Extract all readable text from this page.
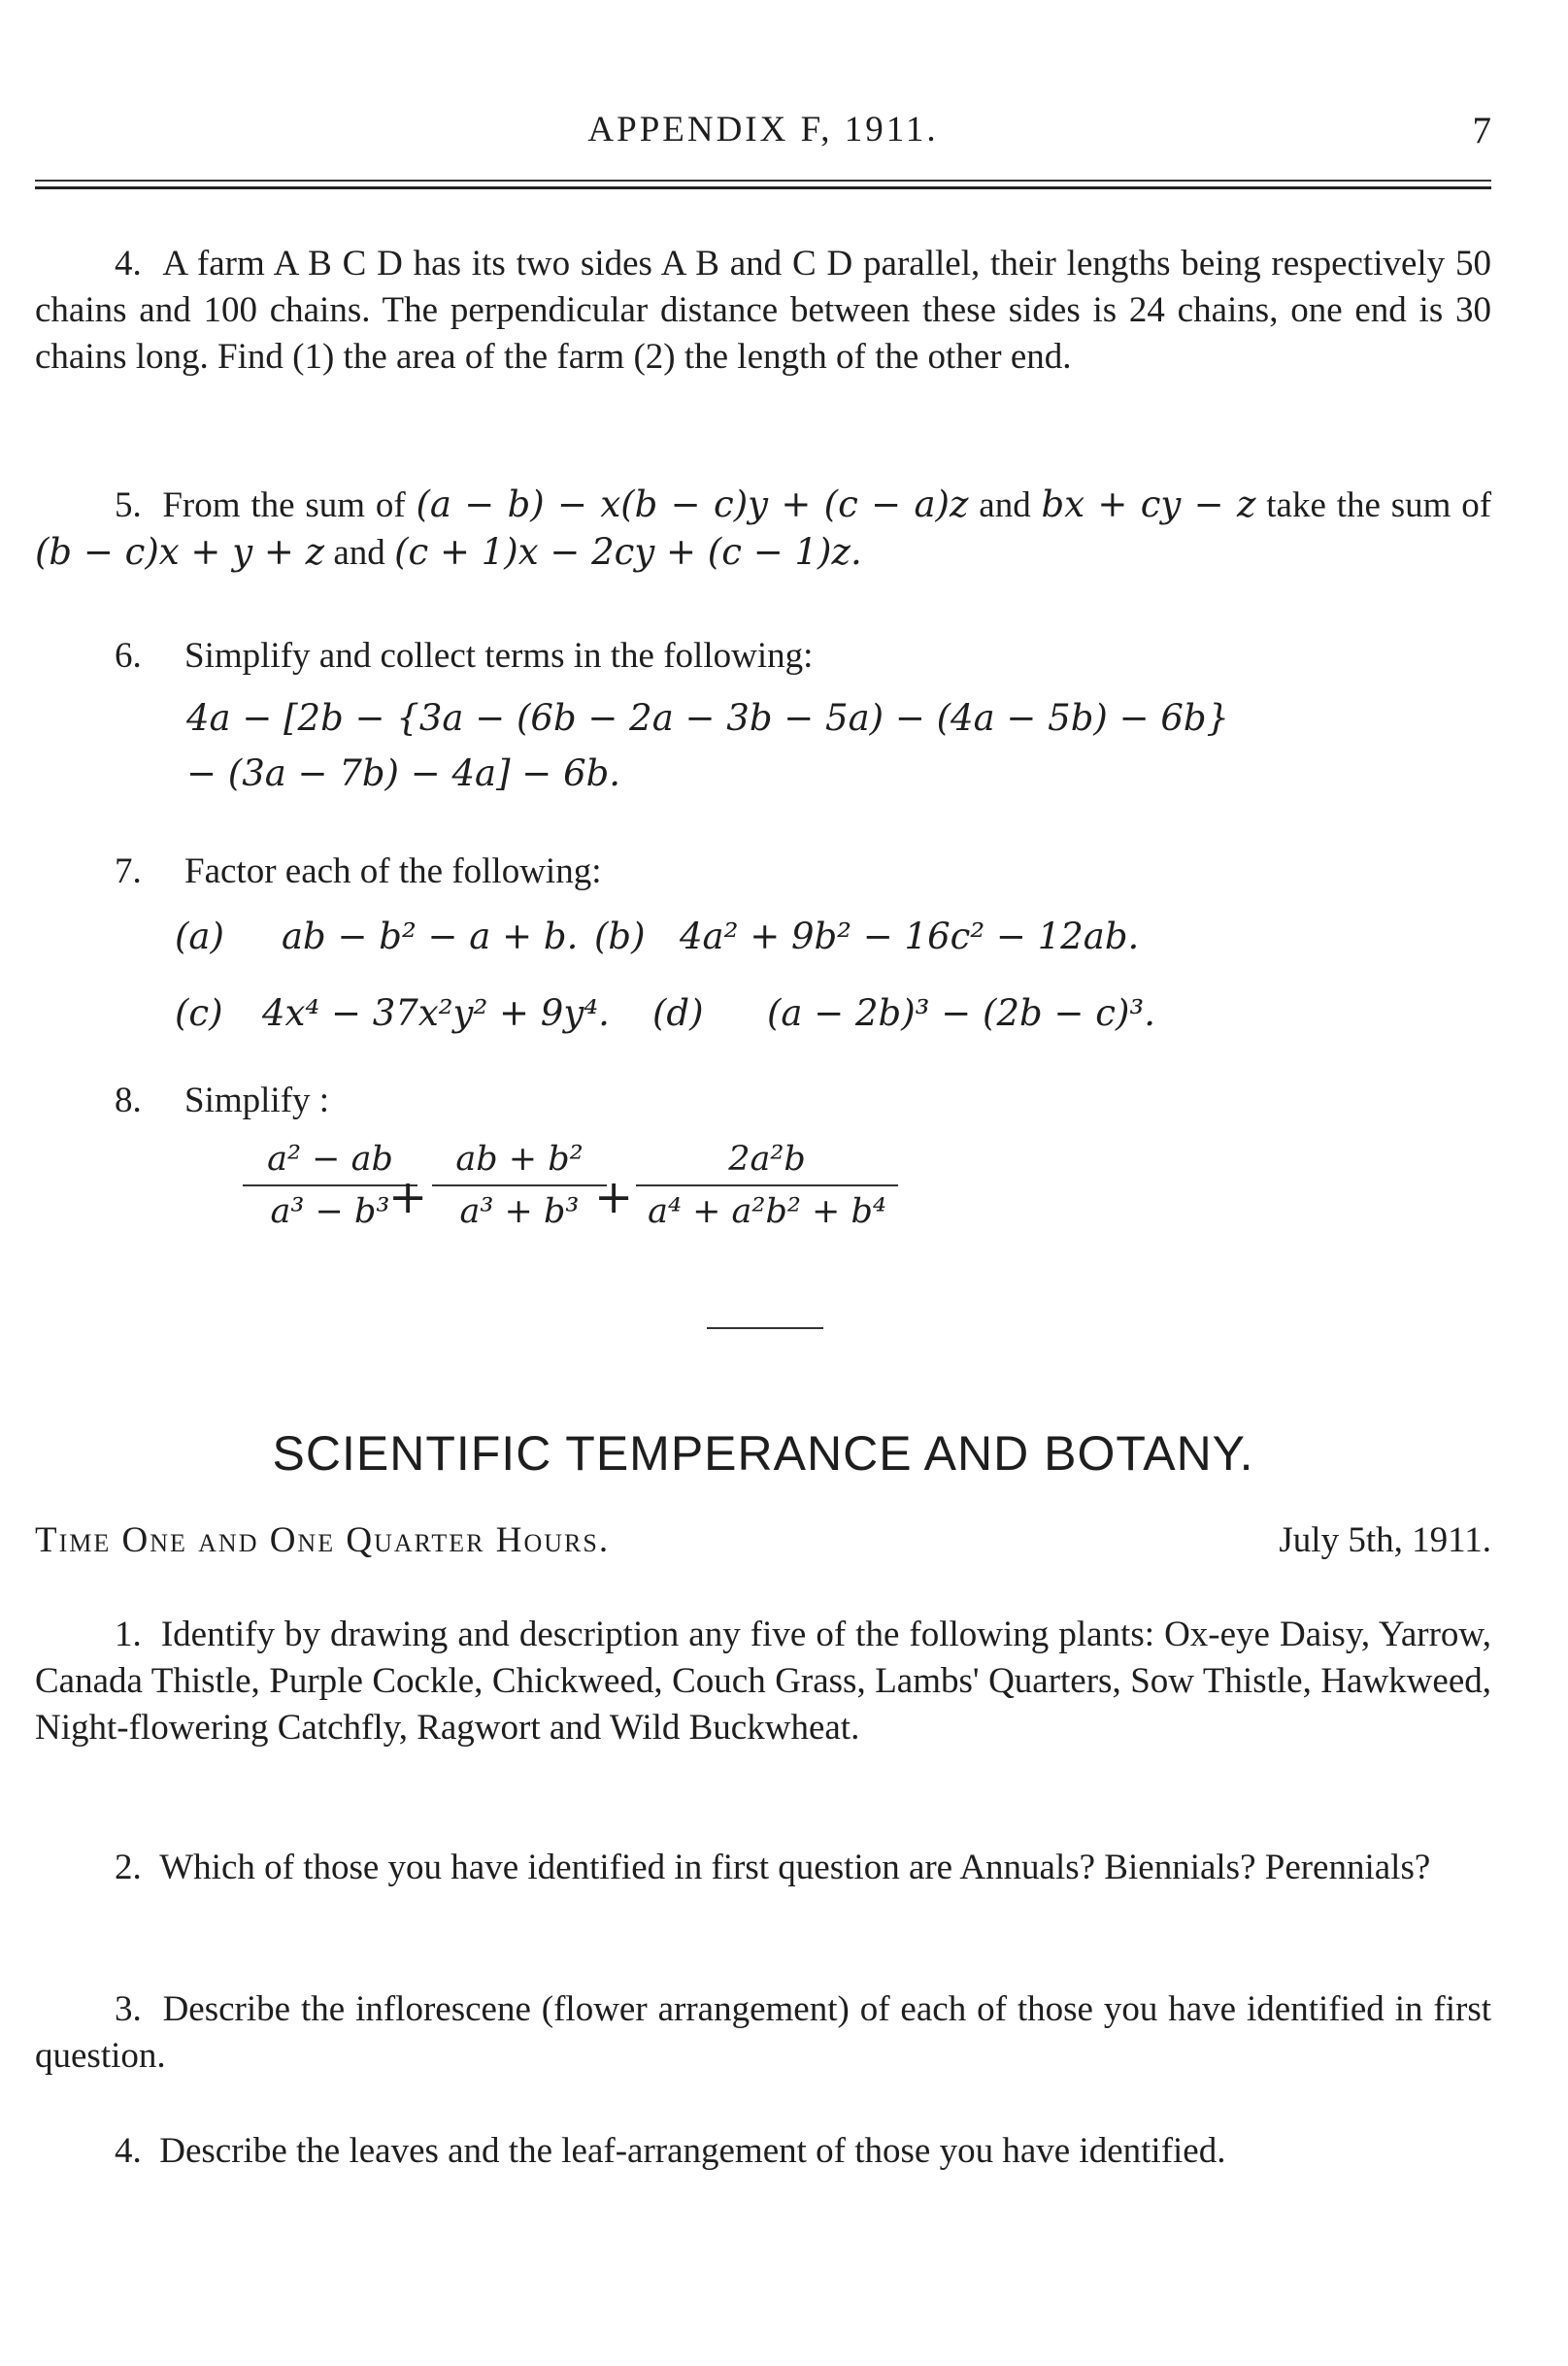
APPENDIX F, 1911.	7

4. A farm A B C D has its two sides A B and C D parallel, their lengths being respectively 50 chains and 100 chains. The perpendicular distance between these sides is 24 chains, one end is 30 chains long. Find (1) the area of the farm (2) the length of the other end.

5. From the sum of (a − b) − x(b − c)y + (c − a)z and bx + cy − z take the sum of (b − c)x + y + z and (c + 1)x − 2cy + (c − 1)z.

6. Simplify and collect terms in the following:
4a − [2b − {3a − (6b − 2a − 3b − 5a) − (4a − 5b) − 6b}
− (3a − 7b) − 4a] − 6b.
7. Factor each of the following:
(a) ab − b² − a + b. (b) 4a² + 9b² − 16c² − 12ab.
(c) 4x⁴ − 37x²y² + 9y⁴. (d) (a − 2b)³ − (2b − c)³.
8. Simplify :
a² − ab
a³ − b³
+
ab + b²
a³ + b³ +
2a²b
a⁴ + a²b² + b⁴
SCIENTIFIC TEMPERANCE AND BOTANY.
Time One and One Quarter Hours.	July 5th, 1911.

1. Identify by drawing and description any five of the following plants: Ox-eye Daisy, Yarrow, Canada Thistle, Purple Cockle, Chickweed, Couch Grass, Lambs' Quarters, Sow Thistle, Hawkweed, Night-flowering Catchfly, Ragwort and Wild Buckwheat.

2. Which of those you have identified in first question are Annuals? Biennials? Perennials?

3. Describe the inflorescene (flower arrangement) of each of those you have identified in first question.

4. Describe the leaves and the leaf-arrangement of those you have identified.
